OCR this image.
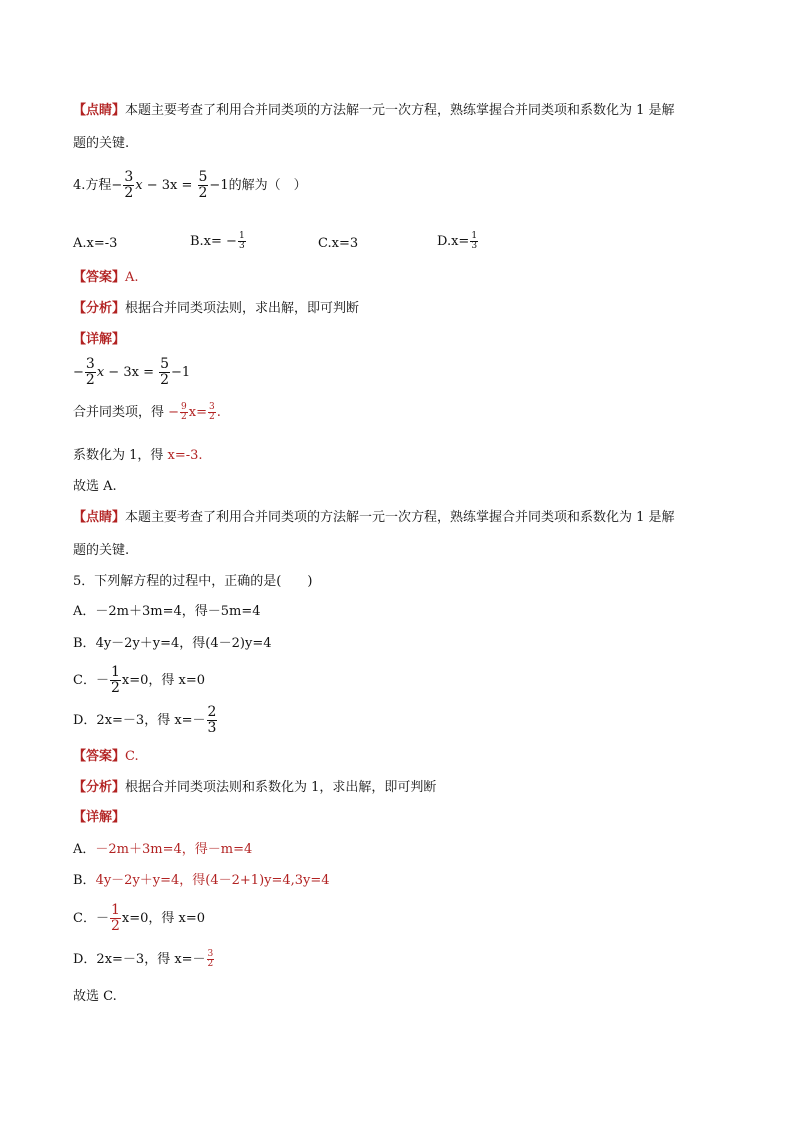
【点睛】本题主要考查了利用合并同类项的方法解一元一次方程，熟练掌握合并同类项和系数化为 1 是解
题的关键.
4.方程− $\frac{3}{2}$ $x - 3x = \frac{5}{2} -1$的解为（　）
A.x=-3	$B.x= - \frac{1}{3}$	C.x=3	$D.x= \frac{1}{3}$
【答案】A.
【分析】根据合并同类项法则，求出解，即可判断
【详解】
− $\frac{3}{2}$ $x - 3x = \frac{5}{2} -1$
合并同类项，得 − $\frac{9}{2} x= \frac{3}{2}$ .
系数化为 1，得 x=-3.
故选 A.
【点睛】本题主要考查了利用合并同类项的方法解一元一次方程，熟练掌握合并同类项和系数化为 1 是解
题的关键.
5．下列解方程的过程中，正确的是(　　)
A．－2m＋3m=4，得－5m=4
B．4y－2y＋y=4，得(4－2)y=4
C．－ $\frac{1}{2} x=0$，得 x=0
D．2x=－3，得 $x=- \frac{2}{3}$
【答案】C.
【分析】根据合并同类项法则和系数化为 1，求出解，即可判断
【详解】
A．－2m＋3m=4，得－m=4
B．4y－2y＋y=4，得(4－2+1)y=4,3y=4
C．－ $\frac{1}{2} x=0$，得 x=0
D．2x=－3，得 $x=- \frac{3}{2}$
故选 C.
